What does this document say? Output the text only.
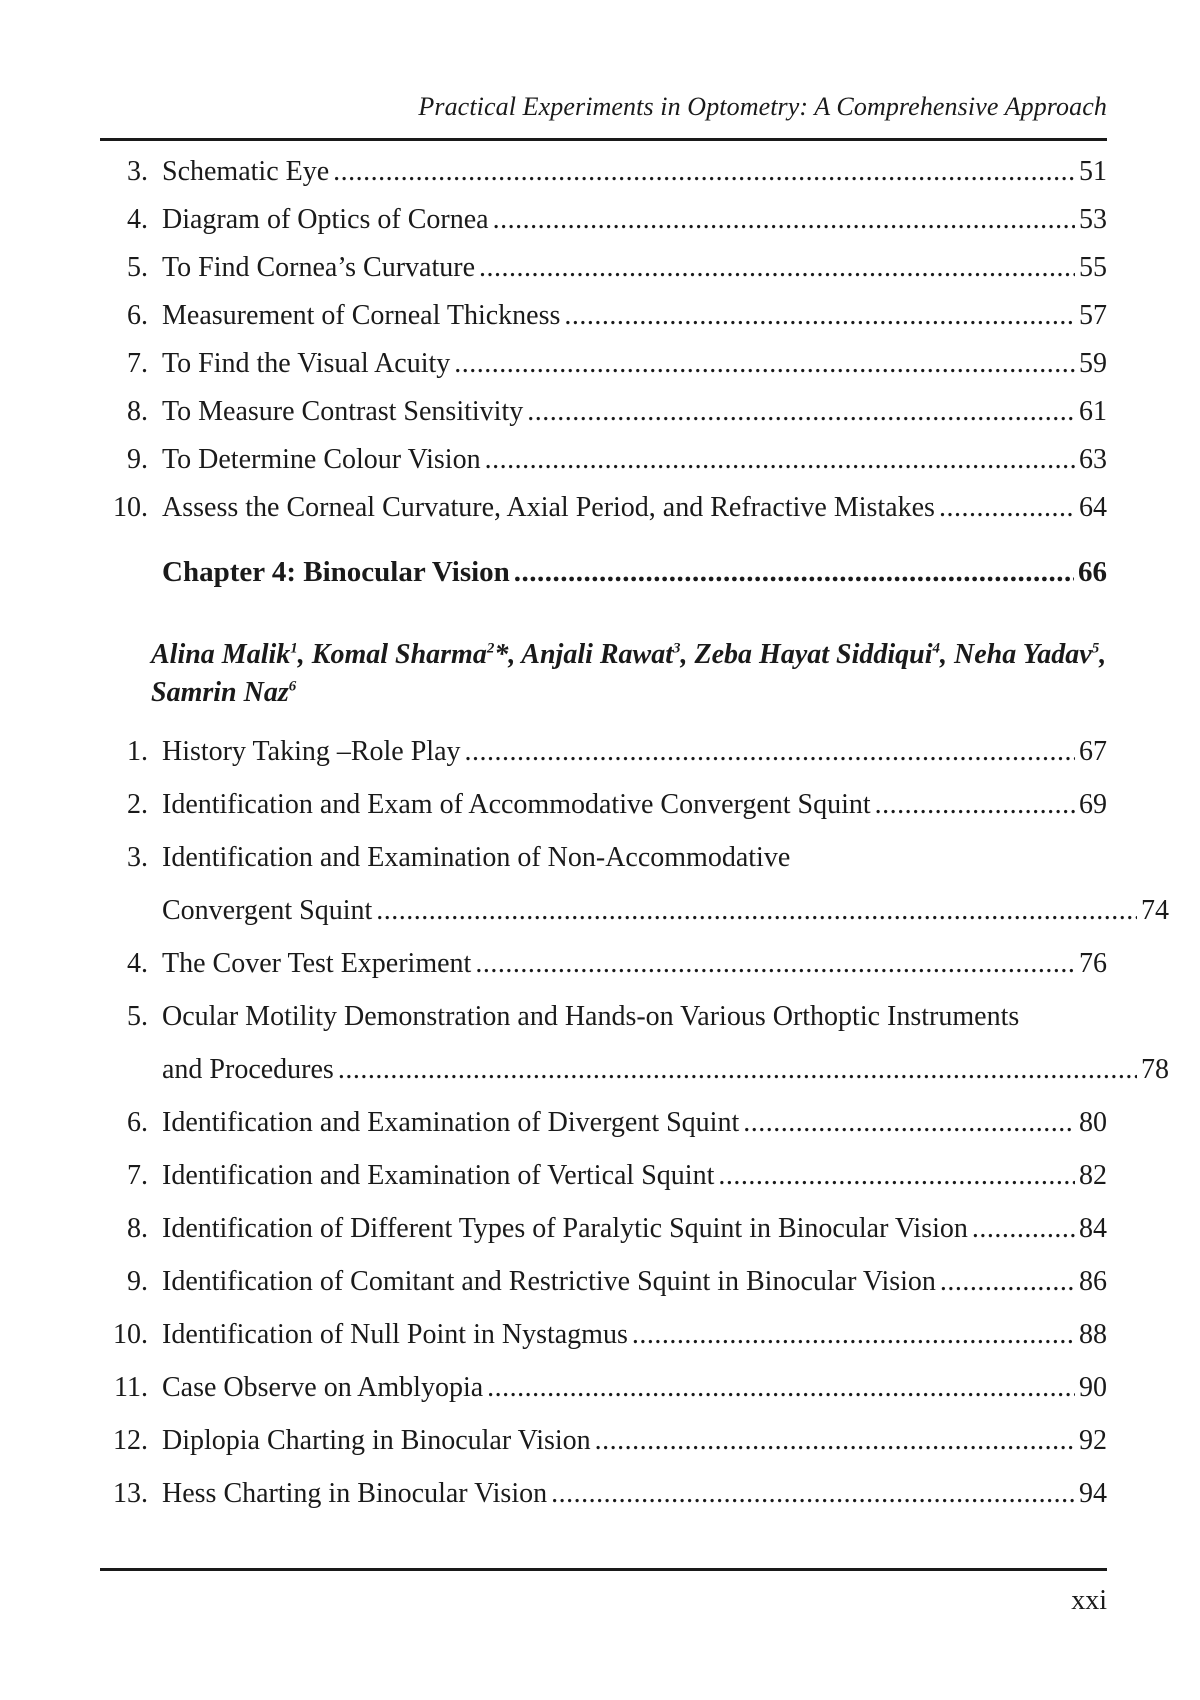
Practical Experiments in Optometry: A Comprehensive Approach
3. Schematic Eye .....	51
4. Diagram of Optics of Cornea .....	53
5. To Find Cornea’s Curvature .....	55
6. Measurement of Corneal Thickness .....	57
7. To Find the Visual Acuity .....	59
8. To Measure Contrast Sensitivity .....	61
9. To Determine Colour Vision .....	63
10. Assess the Corneal Curvature, Axial Period, and Refractive Mistakes .....	64
Chapter 4: Binocular Vision .....	66
Alina Malik$^1$, Komal Sharma$^2$*, Anjali Rawat$^3$, Zeba Hayat Siddiqui$^4$, Neha Yadav$^5$, Samrin Naz$^6$
1. History Taking –Role Play .....	67
2. Identification and Exam of Accommodative Convergent Squint .....	69
3. Identification and Examination of Non-Accommodative
Convergent Squint .....	74
4. The Cover Test Experiment .....	76
5. Ocular Motility Demonstration and Hands-on Various Orthoptic Instruments
and Procedures .....	78
6. Identification and Examination of Divergent Squint .....	80
7. Identification and Examination of Vertical Squint .....	82
8. Identification of Different Types of Paralytic Squint in Binocular Vision .....	84
9. Identification of Comitant and Restrictive Squint in Binocular Vision .....	86
10. Identification of Null Point in Nystagmus .....	88
11. Case Observe on Amblyopia .....	90
12. Diplopia Charting in Binocular Vision .....	92
13. Hess Charting in Binocular Vision .....	94
xxi
